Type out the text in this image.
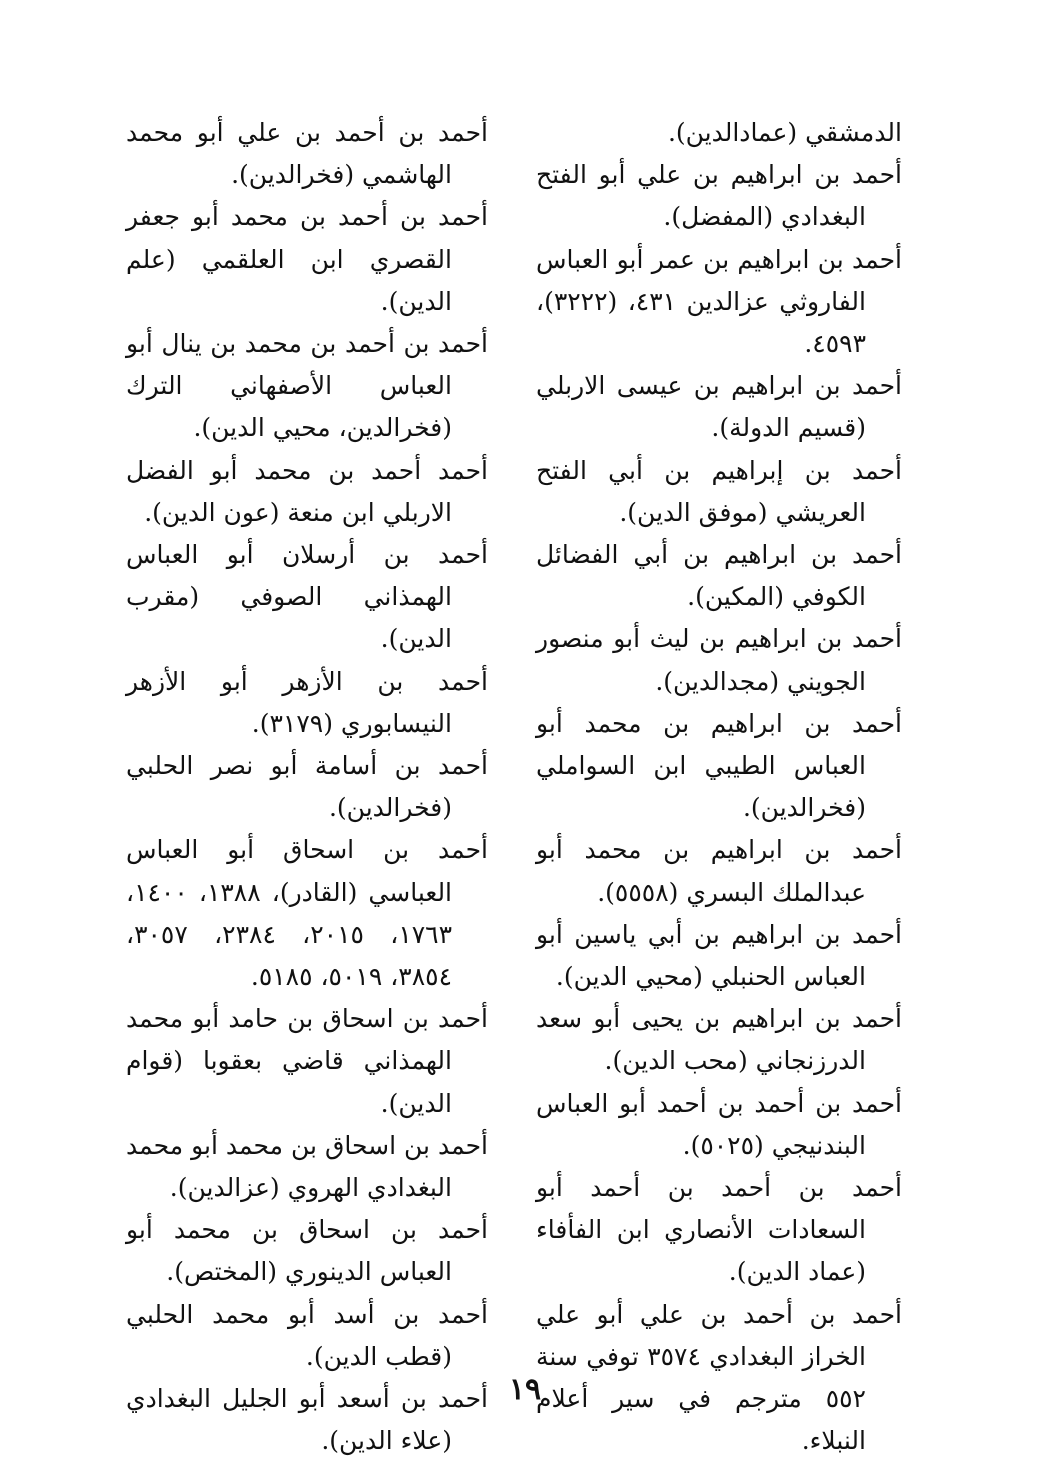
الدمشقي (عمادالدين).

أحمد بن ابراهيم بن علي أبو الفتح البغدادي (المفضل).

أحمد بن ابراهيم بن عمر أبو العباس الفاروثي عزالدين ٤٣١، (٣٢٢٢)، ٤٥٩٣.

أحمد بن ابراهيم بن عيسى الاربلي (قسيم الدولة).

أحمد بن إبراهيم بن أبي الفتح العريشي (موفق الدين).

أحمد بن ابراهيم بن أبي الفضائل الكوفي (المكين).

أحمد بن ابراهيم بن ليث أبو منصور الجويني (مجدالدين).

أحمد بن ابراهيم بن محمد أبو العباس الطيبي ابن السواملي (فخرالدين).

أحمد بن ابراهيم بن محمد أبو عبدالملك البسري (٥٥٥٨).

أحمد بن ابراهيم بن أبي ياسين أبو العباس الحنبلي (محيي الدين).

أحمد بن ابراهيم بن يحيى أبو سعد الدرزنجاني (محب الدين).

أحمد بن أحمد بن أحمد أبو العباس البندنيجي (٥٠٢٥).

أحمد بن أحمد بن أحمد أبو السعادات الأنصاري ابن الفأفاء (عماد الدين).

أحمد بن أحمد بن علي أبو علي الخراز البغدادي ٣٥٧٤ توفي سنة ٥٥٢ مترجم في سير أعلام النبلاء.

أحمد بن أحمد بن علي أبو محمد الهاشمي (فخرالدين).

أحمد بن أحمد بن محمد أبو جعفر القصري ابن العلقمي (علم الدين).

أحمد بن أحمد بن محمد بن ينال أبو العباس الأصفهاني الترك (فخرالدين، محيي الدين).

أحمد أحمد بن محمد أبو الفضل الاربلي ابن منعة (عون الدين).

أحمد بن أرسلان أبو العباس الهمذاني الصوفي (مقرب الدين).

أحمد بن الأزهر أبو الأزهر النيسابوري (٣١٧٩).

أحمد بن أسامة أبو نصر الحلبي (فخرالدين).

أحمد بن اسحاق أبو العباس العباسي (القادر)، ١٣٨٨، ١٤٠٠، ١٧٦٣، ٢٠١٥، ٢٣٨٤، ٣٠٥٧، ٣٨٥٤، ٥٠١٩، ٥١٨٥.

أحمد بن اسحاق بن حامد أبو محمد الهمذاني قاضي بعقوبا (قوام الدين).

أحمد بن اسحاق بن محمد أبو محمد البغدادي الهروي (عزالدين).

أحمد بن اسحاق بن محمد أبو العباس الدينوري (المختص).

أحمد بن أسد أبو محمد الحلبي (قطب الدين).

أحمد بن أسعد أبو الجليل البغدادي (علاء الدين).

١٩
